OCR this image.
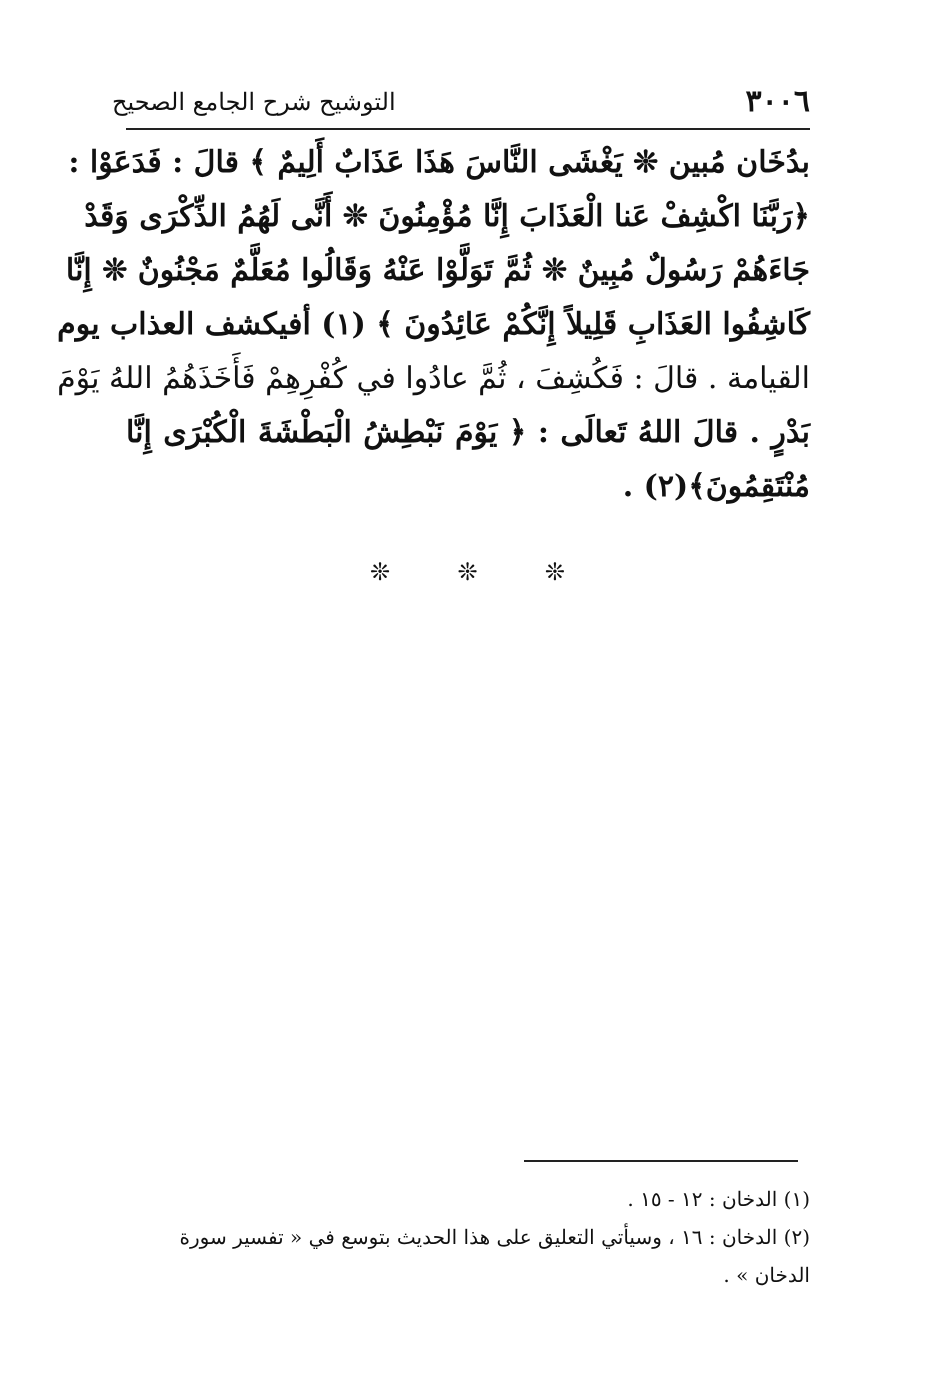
٣٠٠٦
التوشيح شرح الجامع الصحيح
بدُخَان مُبين ❊ يَغْشَى النَّاسَ هَذَا عَذَابٌ أَلِيمٌ ﴾ قالَ : فَدَعَوْا :
﴿رَبَّنَا اكْشِفْ عَنا الْعَذَابَ إِنَّا مُؤْمِنُونَ ❊ أَنَّى لَهُمُ الذِّكْرَى وَقَدْ
جَاءَهُمْ رَسُولٌ مُبِينٌ ❊ ثُمَّ تَوَلَّوْا عَنْهُ وَقَالُوا مُعَلَّمٌ مَجْنُونٌ ❊ إِنَّا
كَاشِفُوا العَذَابِ قَلِيلاً إِنَّكُمْ عَائِدُونَ ﴾ (١) أفيكشف العذاب يوم
القيامة . قالَ : فَكُشِفَ ، ثُمَّ عادُوا في كُفْرِهِمْ فَأَخَذَهُمُ اللهُ يَوْمَ
بَدْرٍ . قالَ اللهُ تَعالَى : ﴿ يَوْمَ نَبْطِشُ الْبَطْشَةَ الْكُبْرَى إِنَّا
مُنْتَقِمُونَ﴾(٢) .
❊	❊	❊
(١) الدخان : ١٢ - ١٥ .
(٢) الدخان : ١٦ ، وسيأتي التعليق على هذا الحديث بتوسع في « تفسير سورة
الدخان » .
